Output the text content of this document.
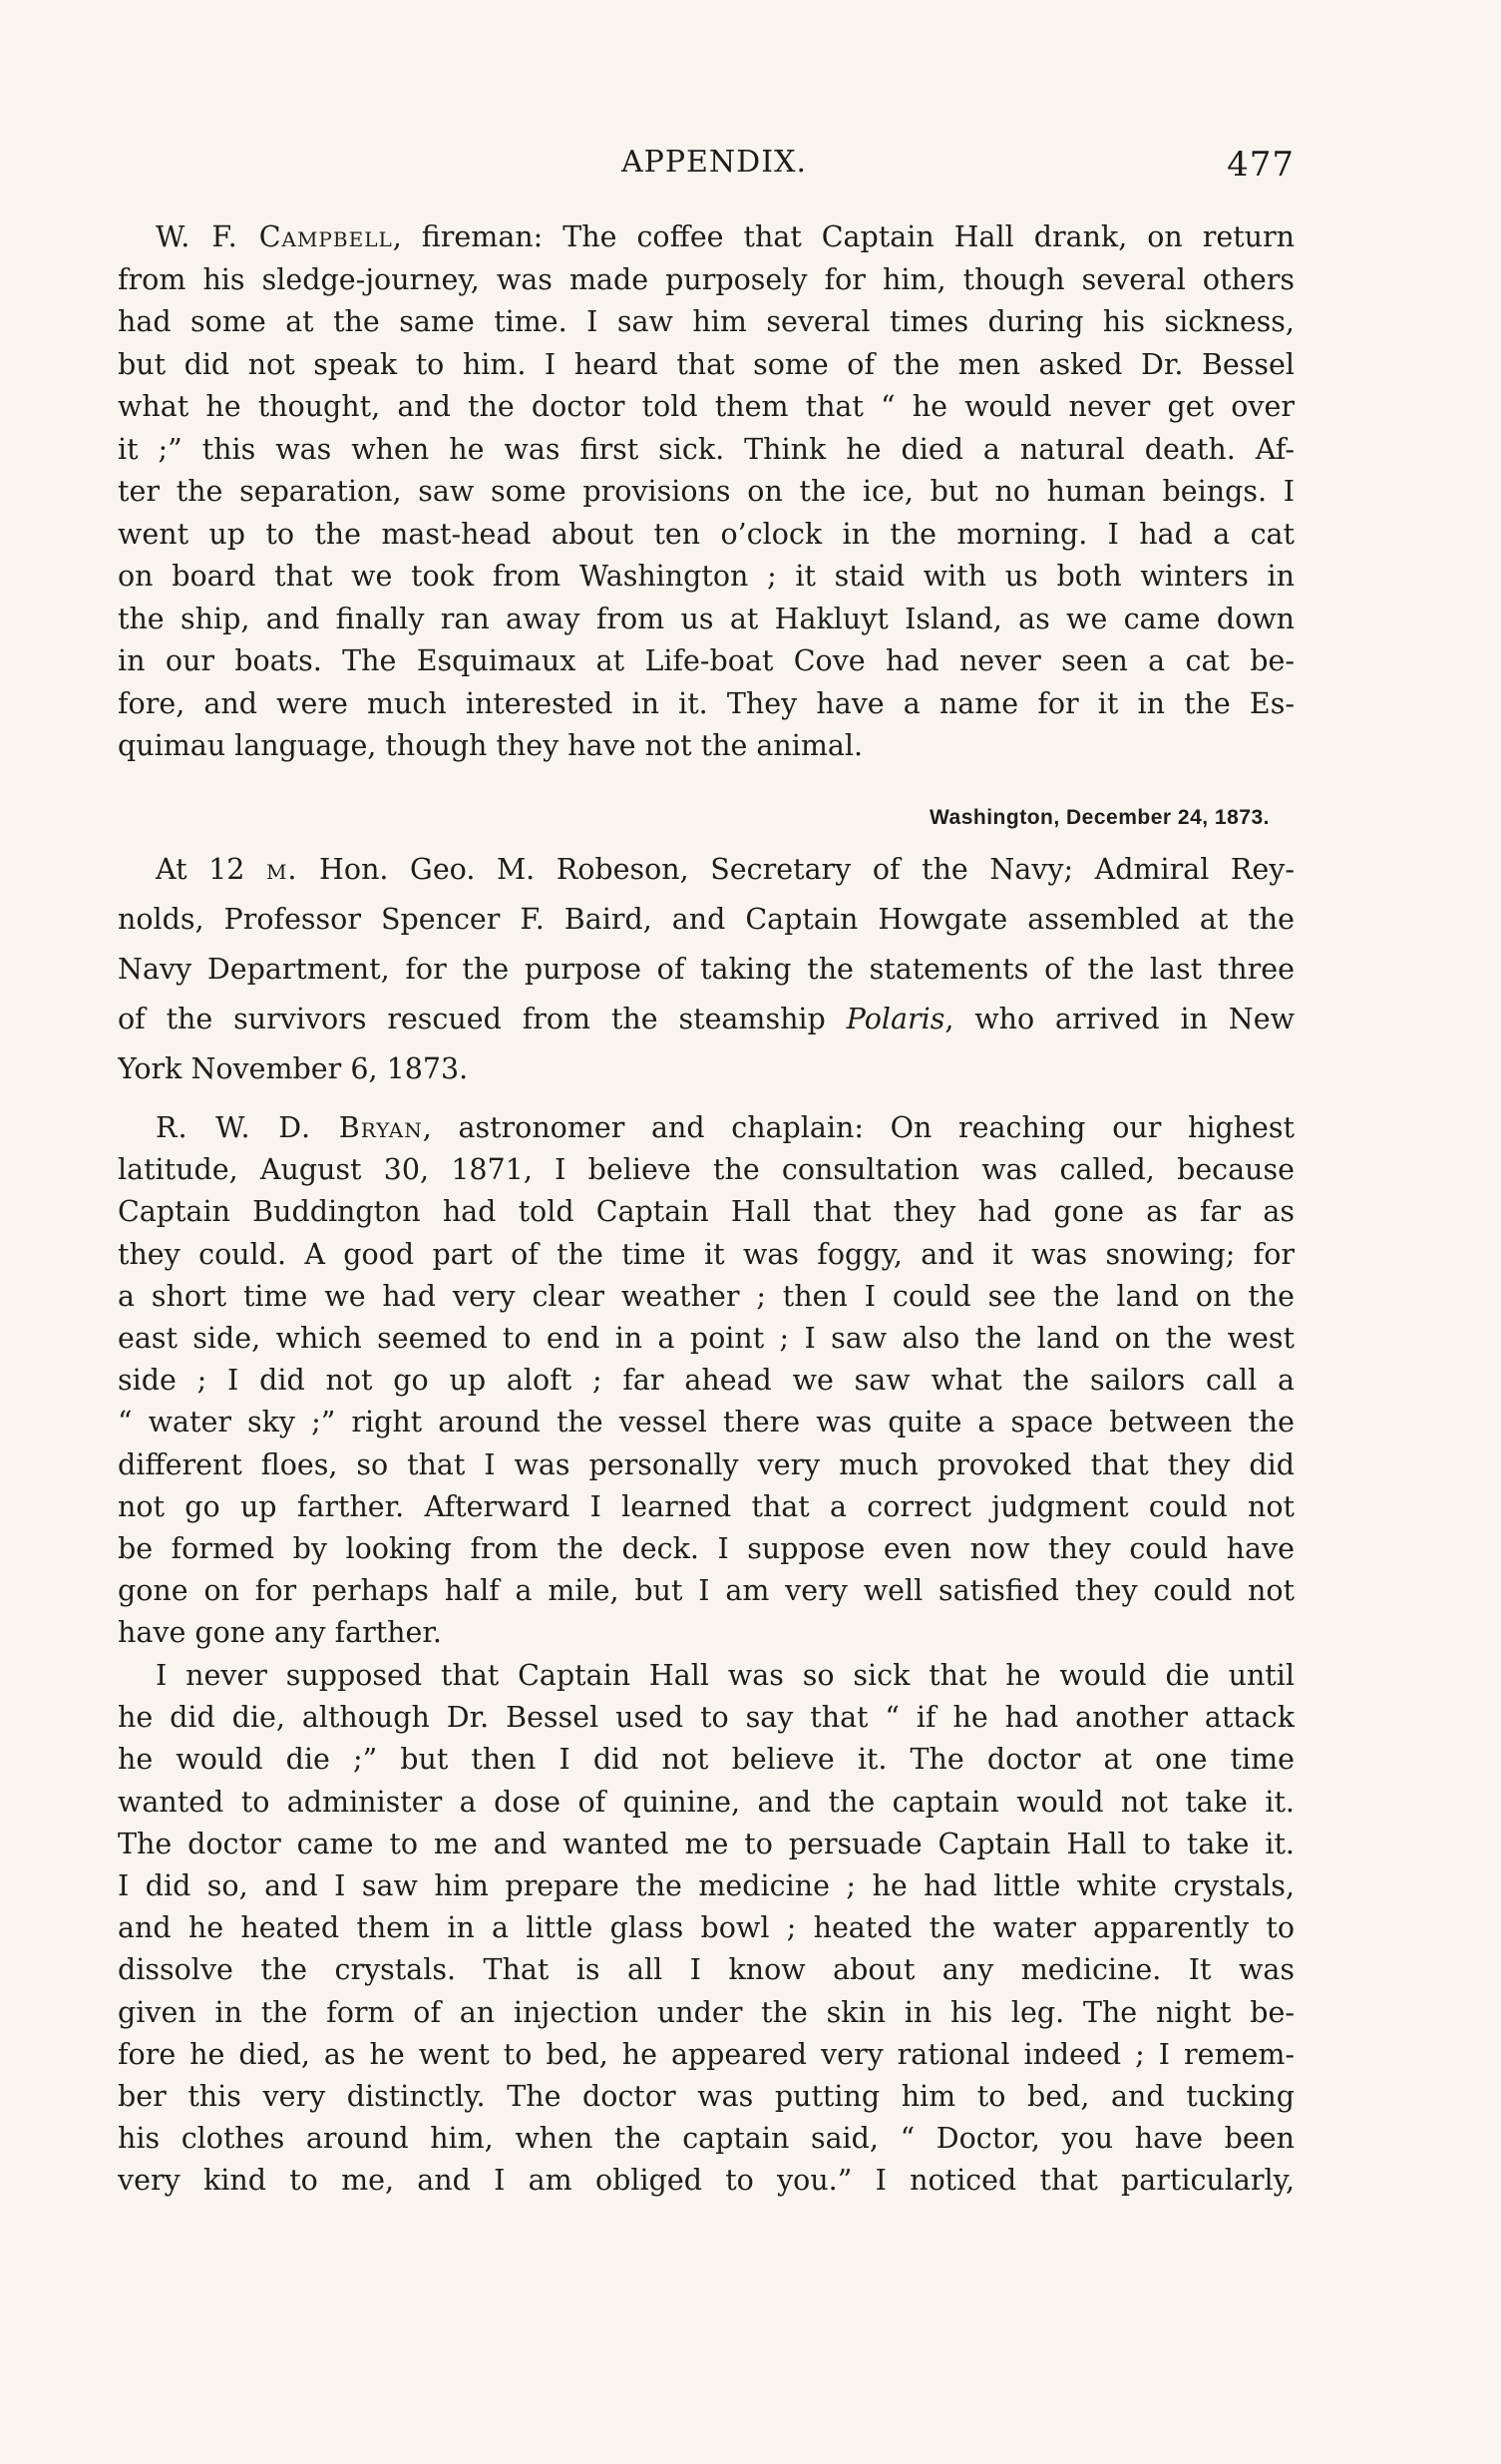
APPENDIX.	477

W. F. Campbell, fireman: The coffee that Captain Hall drank, on return
from his sledge-journey, was made purposely for him, though several others
had some at the same time. I saw him several times during his sickness,
but did not speak to him. I heard that some of the men asked Dr. Bessel
what he thought, and the doctor told them that “ he would never get over
it ;” this was when he was first sick. Think he died a natural death. Af-
ter the separation, saw some provisions on the ice, but no human beings. I
went up to the mast-head about ten o’clock in the morning. I had a cat
on board that we took from Washington ; it staid with us both winters in
the ship, and finally ran away from us at Hakluyt Island, as we came down
in our boats. The Esquimaux at Life-boat Cove had never seen a cat be-
fore, and were much interested in it. They have a name for it in the Es-
quimau language, though they have not the animal.

Washington, December 24, 1873.

At 12 m. Hon. Geo. M. Robeson, Secretary of the Navy; Admiral Rey-
nolds, Professor Spencer F. Baird, and Captain Howgate assembled at the
Navy Department, for the purpose of taking the statements of the last three
of the survivors rescued from the steamship Polaris, who arrived in New
York November 6, 1873.

R. W. D. Bryan, astronomer and chaplain: On reaching our highest
latitude, August 30, 1871, I believe the consultation was called, because
Captain Buddington had told Captain Hall that they had gone as far as
they could. A good part of the time it was foggy, and it was snowing; for
a short time we had very clear weather ; then I could see the land on the
east side, which seemed to end in a point ; I saw also the land on the west
side ; I did not go up aloft ; far ahead we saw what the sailors call a
“ water sky ;” right around the vessel there was quite a space between the
different floes, so that I was personally very much provoked that they did
not go up farther. Afterward I learned that a correct judgment could not
be formed by looking from the deck. I suppose even now they could have
gone on for perhaps half a mile, but I am very well satisfied they could not
have gone any farther.

I never supposed that Captain Hall was so sick that he would die until
he did die, although Dr. Bessel used to say that “ if he had another attack
he would die ;” but then I did not believe it. The doctor at one time
wanted to administer a dose of quinine, and the captain would not take it.
The doctor came to me and wanted me to persuade Captain Hall to take it.
I did so, and I saw him prepare the medicine ; he had little white crystals,
and he heated them in a little glass bowl ; heated the water apparently to
dissolve the crystals. That is all I know about any medicine. It was
given in the form of an injection under the skin in his leg. The night be-
fore he died, as he went to bed, he appeared very rational indeed ; I remem-
ber this very distinctly. The doctor was putting him to bed, and tucking
his clothes around him, when the captain said, “ Doctor, you have been
very kind to me, and I am obliged to you.” I noticed that particularly,
